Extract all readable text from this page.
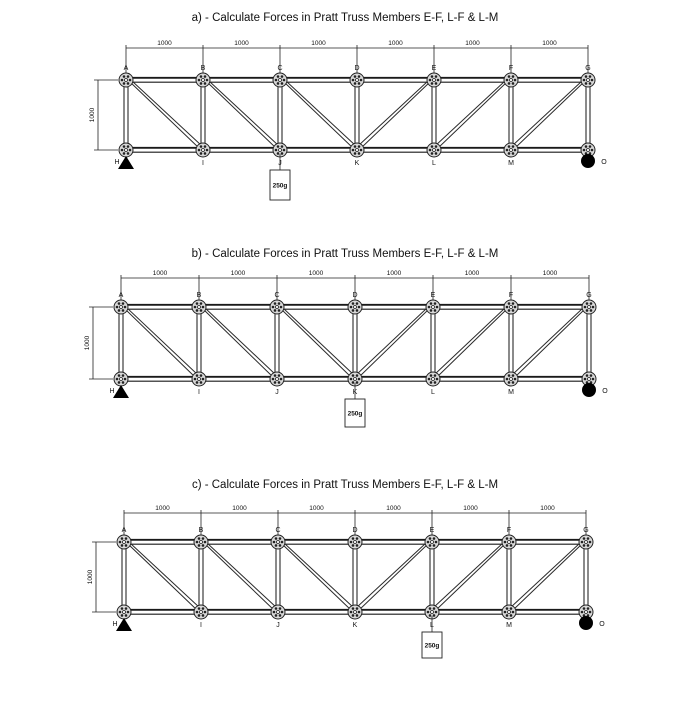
a) - Calculate Forces in Pratt Truss Members E-F, L-F & L-M
1000	1000	1000	1000	1000	1000
1000
A	B	C	D	E	F	G
H	I	J	K	L	M	O
250g
b) - Calculate Forces in Pratt Truss Members E-F, L-F & L-M
1000	1000	1000	1000	1000	1000
1000
A	B	C	D	E	F	G
H	I	J	K	L	M	O
250g
c) - Calculate Forces in Pratt Truss Members E-F, L-F & L-M
1000	1000	1000	1000	1000	1000
1000
A	B	C	D	E	F	G
H	I	J	K	L	M	O
250g
